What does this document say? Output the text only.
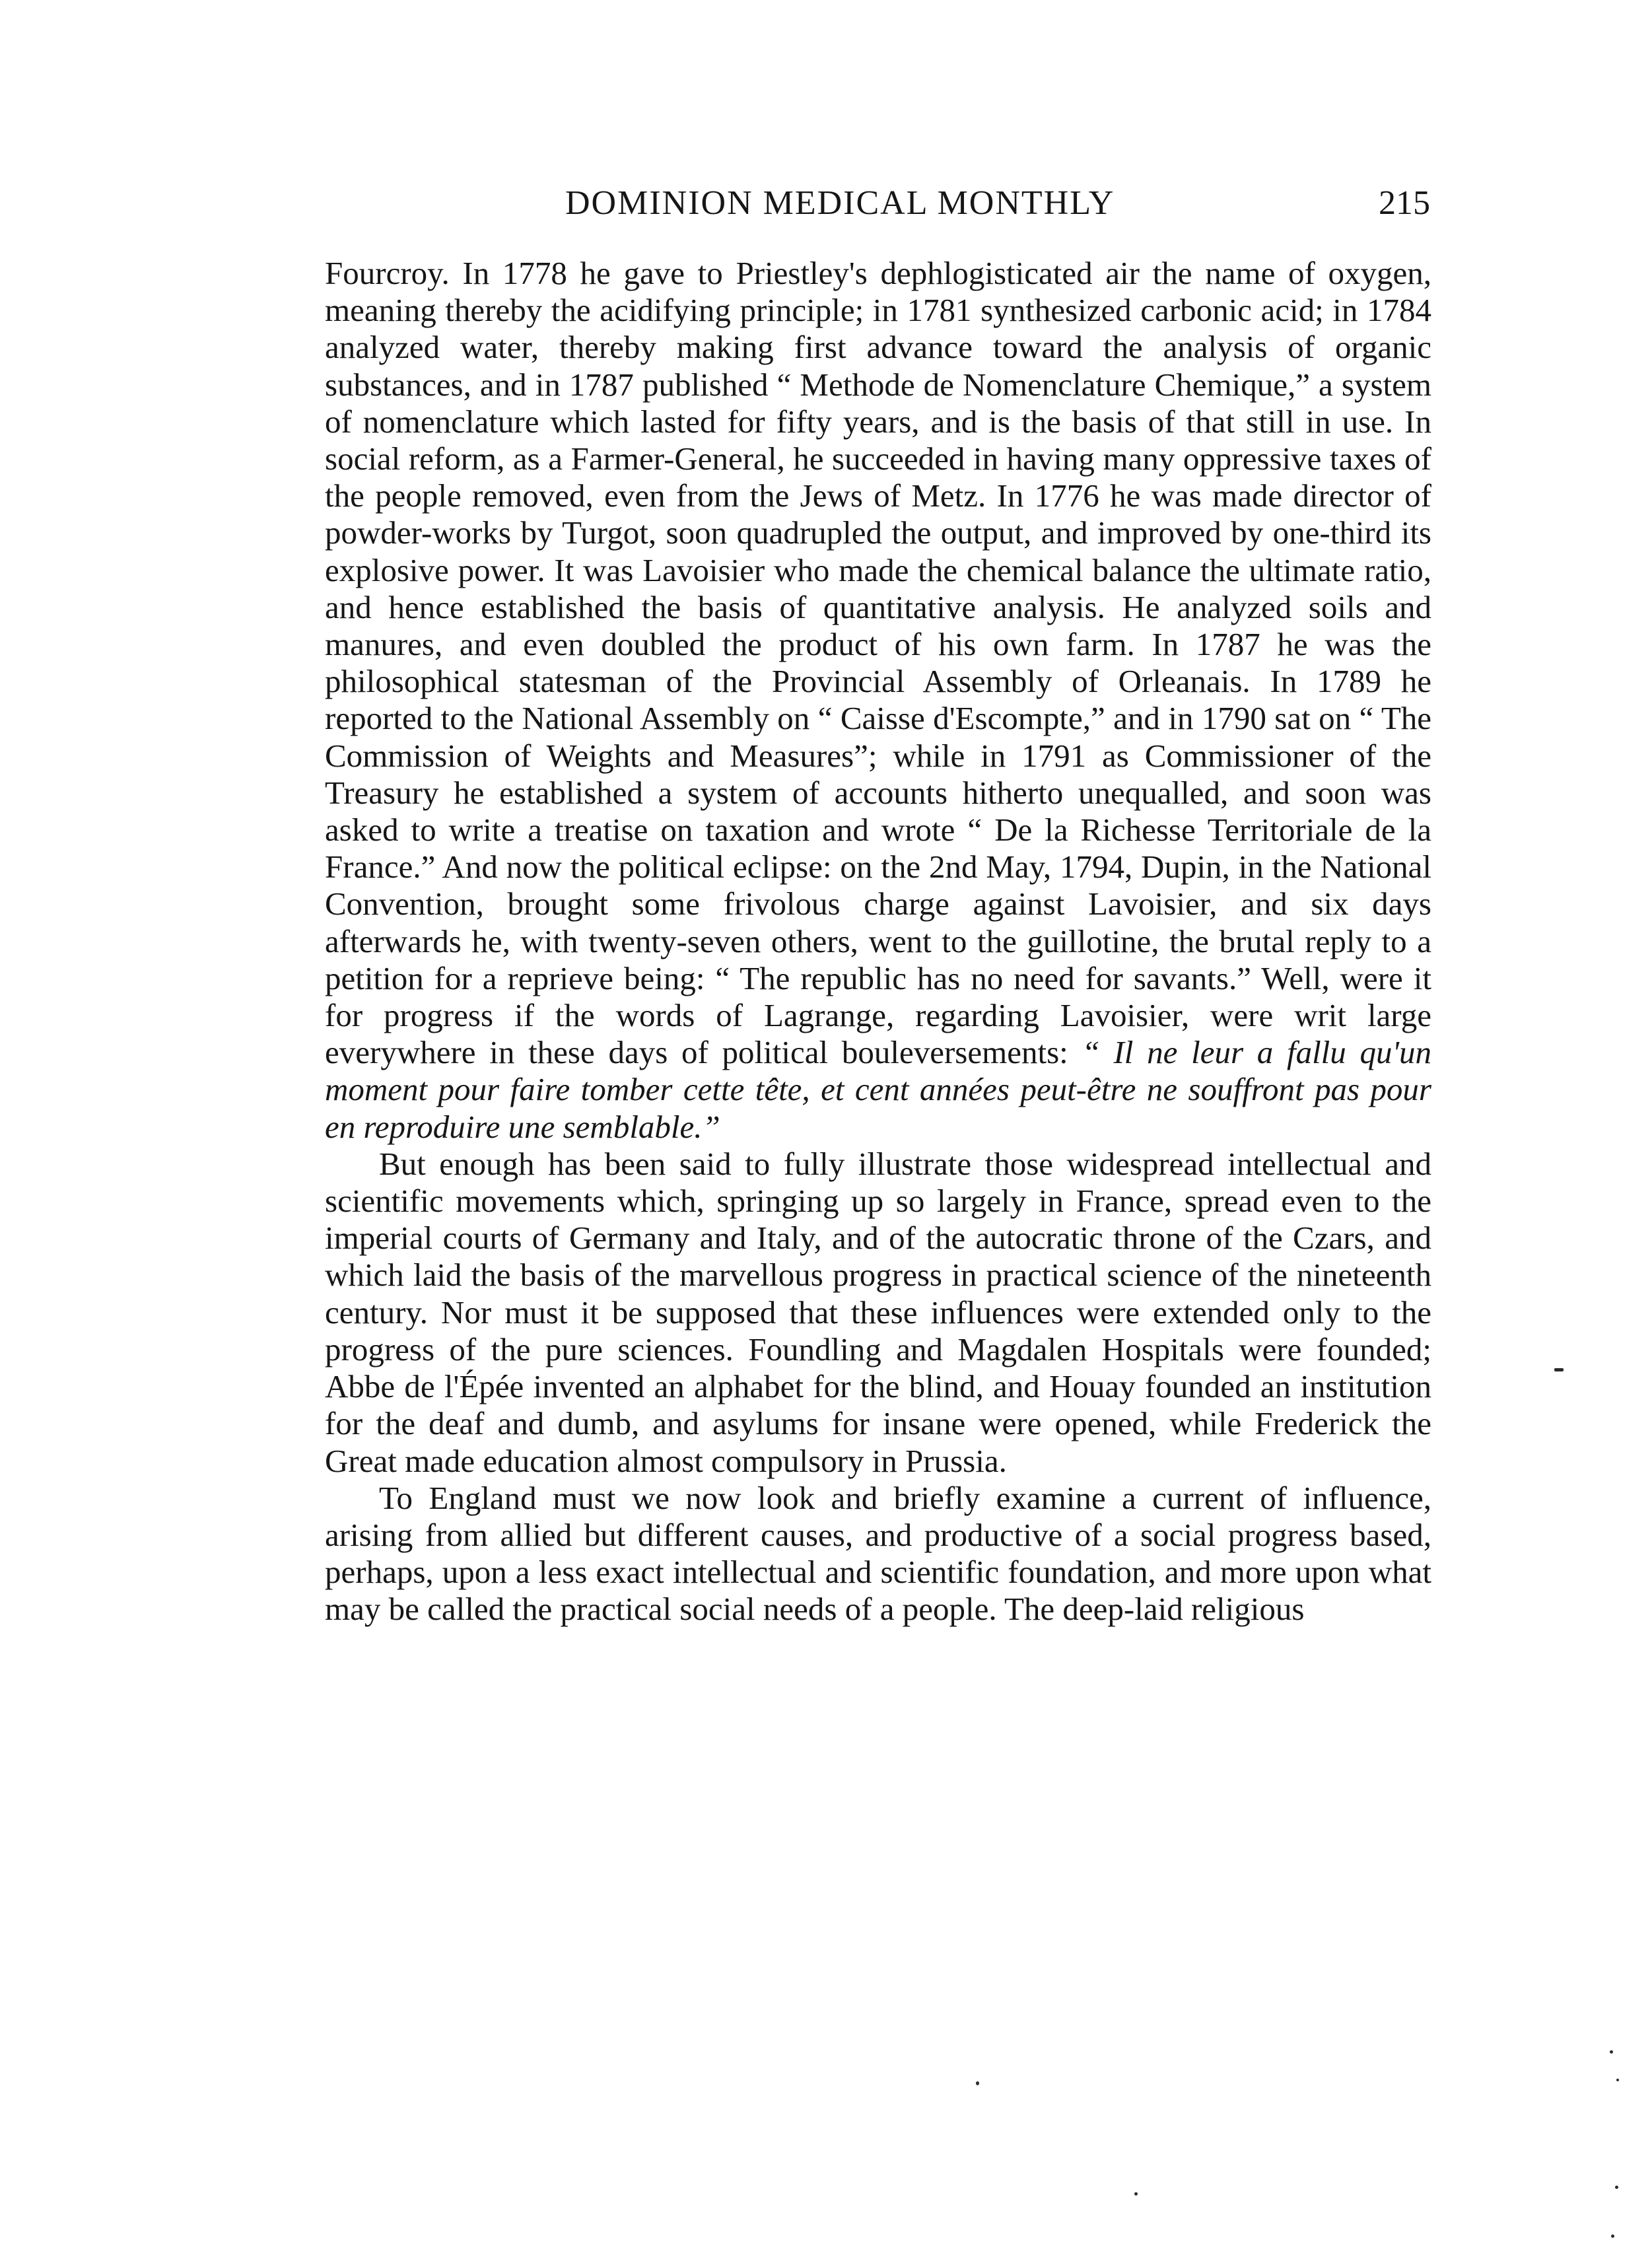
DOMINION MEDICAL MONTHLY	215

Fourcroy. In 1778 he gave to Priestley's dephlogisticated air the name of oxygen, meaning thereby the acidifying principle; in 1781 synthesized carbonic acid; in 1784 analyzed water, thereby making first advance toward the analysis of organic substances, and in 1787 published “ Methode de Nomenclature Chemique,” a system of nomenclature which lasted for fifty years, and is the basis of that still in use. In social reform, as a Farmer-General, he succeeded in having many oppressive taxes of the people removed, even from the Jews of Metz. In 1776 he was made director of powder-works by Turgot, soon quadrupled the output, and improved by one-third its explosive power. It was Lavoisier who made the chemical balance the ultimate ratio, and hence established the basis of quantitative analysis. He analyzed soils and manures, and even doubled the product of his own farm. In 1787 he was the philosophical statesman of the Provincial Assembly of Orleanais. In 1789 he reported to the National Assembly on “ Caisse d'Escompte,” and in 1790 sat on “ The Commission of Weights and Measures”; while in 1791 as Commissioner of the Treasury he established a system of accounts hitherto unequalled, and soon was asked to write a treatise on taxation and wrote “ De la Richesse Territoriale de la France.” And now the political eclipse: on the 2nd May, 1794, Dupin, in the National Convention, brought some frivolous charge against Lavoisier, and six days afterwards he, with twenty-seven others, went to the guillotine, the brutal reply to a petition for a reprieve being: “ The republic has no need for savants.” Well, were it for progress if the words of Lagrange, regarding Lavoisier, were writ large everywhere in these days of political bouleversements: “ Il ne leur a fallu qu'un moment pour faire tomber cette tête, et cent années peut-être ne souffront pas pour en reproduire une semblable.”

But enough has been said to fully illustrate those widespread intellectual and scientific movements which, springing up so largely in France, spread even to the imperial courts of Germany and Italy, and of the autocratic throne of the Czars, and which laid the basis of the marvellous progress in practical science of the nineteenth century. Nor must it be supposed that these influences were extended only to the progress of the pure sciences. Foundling and Magdalen Hospitals were founded; Abbe de l'Épée invented an alphabet for the blind, and Houay founded an institution for the deaf and dumb, and asylums for insane were opened, while Frederick the Great made education almost compulsory in Prussia.

To England must we now look and briefly examine a current of influence, arising from allied but different causes, and productive of a social progress based, perhaps, upon a less exact intellectual and scientific foundation, and more upon what may be called the practical social needs of a people. The deep-laid religious
